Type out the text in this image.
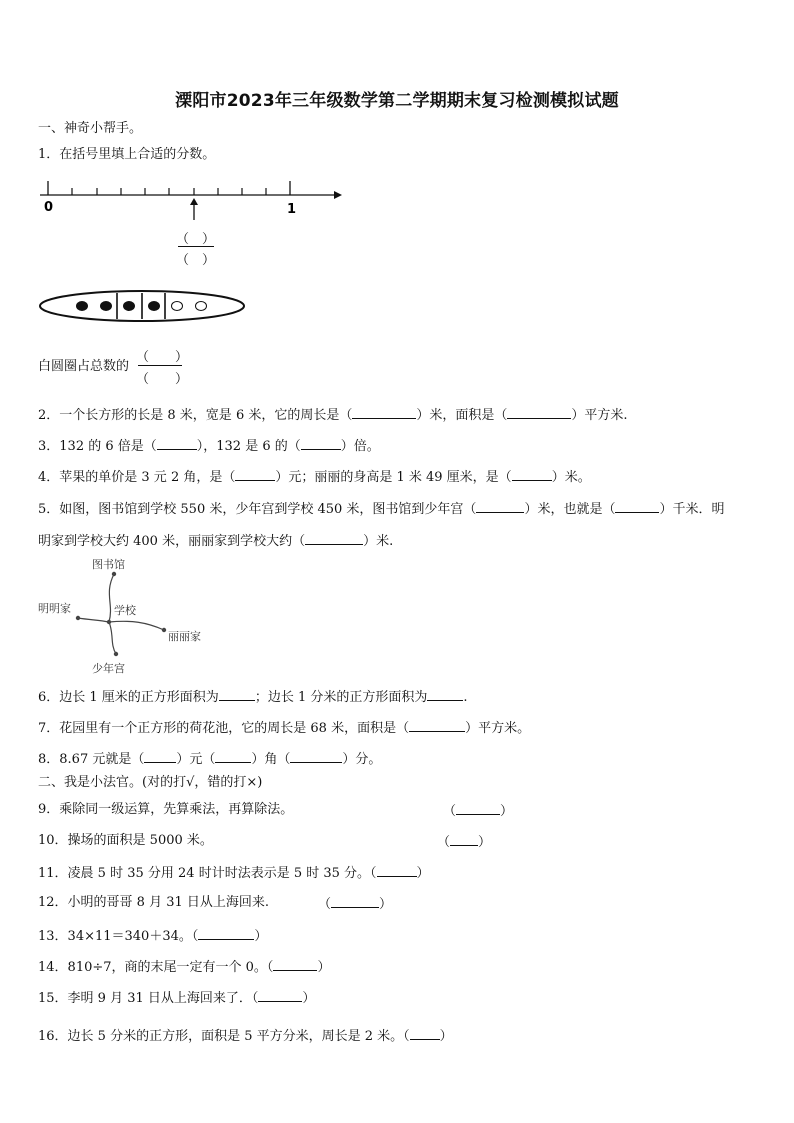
溧阳市2023年三年级数学第二学期期末复习检测模拟试题
一、神奇小帮手。
1．在括号里填上合适的分数。
0	1
（　）
（　）
白圆圈占总数的
（　　）
（　　）
2．一个长方形的长是 8 米，宽是 6 米，它的周长是（	）米，面积是（	）平方米.
3．132 的 6 倍是（	），132 是 6 的（	）倍。
4．苹果的单价是 3 元 2 角，是（	）元；丽丽的身高是 1 米 49 厘米，是（	）米。
5．如图，图书馆到学校 550 米，少年宫到学校 450 米，图书馆到少年宫（	）米，也就是（	）千米．明
明家到学校大约 400 米，丽丽家到学校大约（	）米.
图书馆
明明家	学校
丽丽家
少年宫
6．边长 1 厘米的正方形面积为	；边长 1 分米的正方形面积为	.
7．花园里有一个正方形的荷花池，它的周长是 68 米，面积是（	）平方米。
8．8.67 元就是（ ）元（	）角（	）分。
二、我是小法官。(对的打√，错的打×)
9．乘除同一级运算，先算乘法，再算除法。	（	）
10．操场的面积是 5000 米。	（ ）
11．凌晨 5 时 35 分用 24 时计时法表示是 5 时 35 分。（	）
12．小明的哥哥 8 月 31 日从上海回来.	（	）
13．34×11＝340＋34。（	）
14．810÷7，商的末尾一定有一个 0。（	）
15．李明 9 月 31 日从上海回来了．（	）
16．边长 5 分米的正方形，面积是 5 平方分米，周长是 2 米。（ ）
